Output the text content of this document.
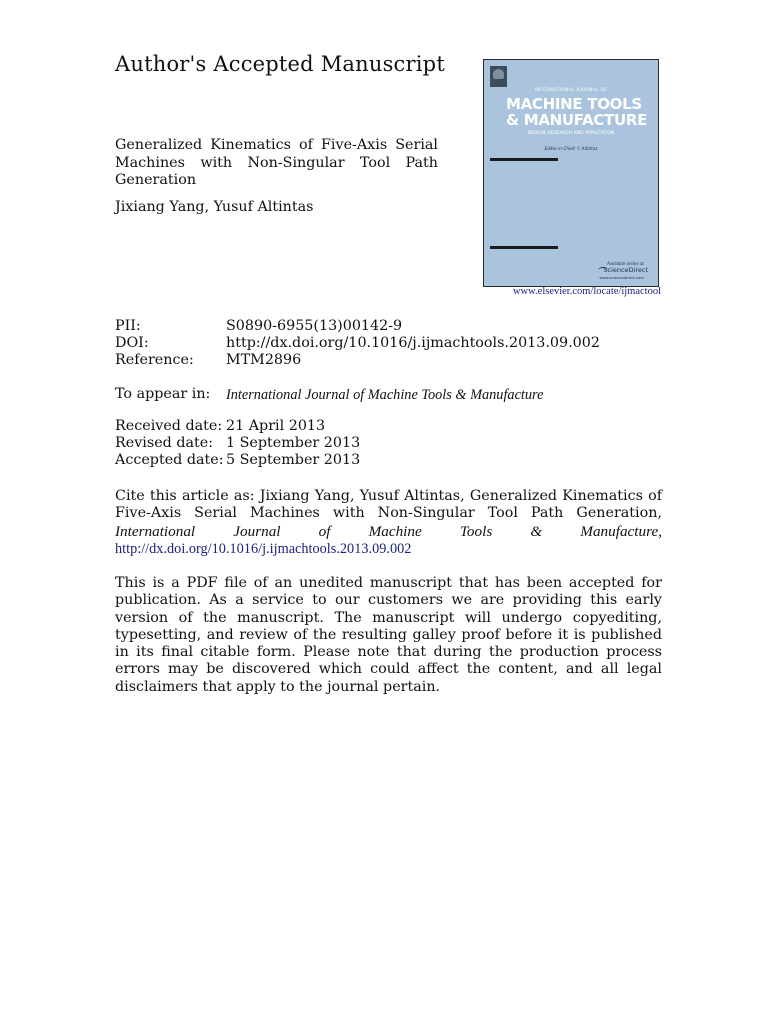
Author's Accepted Manuscript
Generalized Kinematics of Five-Axis Serial Machines with Non-Singular Tool Path Generation
Jixiang Yang, Yusuf Altintas
INTERNATIONAL JOURNAL OF
MACHINE TOOLS
& MANUFACTURE
DESIGN, RESEARCH AND APPLICATION
Editor-in-Chief: Y. Altintas
Available online at
ScienceDirect
www.sciencedirect.com
www.elsevier.com/locate/ijmactool
PII:	S0890-6955(13)00142-9
DOI:	http://dx.doi.org/10.1016/j.ijmachtools.2013.09.002
Reference: MTM2896
To appear in: International Journal of Machine Tools & Manufacture
Received date: 21 April 2013
Revised date: 1 September 2013
Accepted date: 5 September 2013
Cite this article as: Jixiang Yang, Yusuf Altintas, Generalized Kinematics of Five-Axis Serial Machines with Non-Singular Tool Path Generation, International Journal of Machine Tools & Manufacture, http://dx.doi.org/10.1016/j.ijmachtools.2013.09.002
This is a PDF file of an unedited manuscript that has been accepted for publication. As a service to our customers we are providing this early version of the manuscript. The manuscript will undergo copyediting, typesetting, and review of the resulting galley proof before it is published in its final citable form. Please note that during the production process errors may be discovered which could affect the content, and all legal disclaimers that apply to the journal pertain.
